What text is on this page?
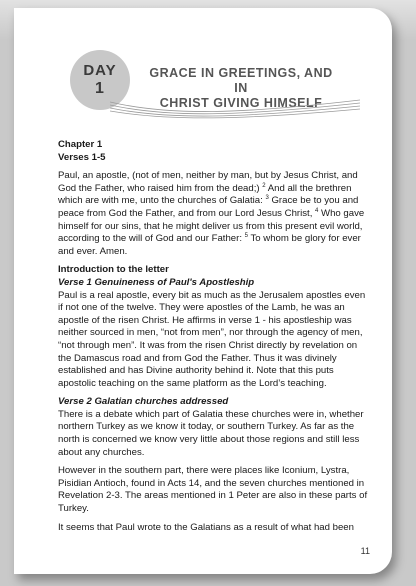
DAY
1
GRACE IN GREETINGS, AND IN
CHRIST GIVING HIMSELF

Chapter 1

Verses 1-5

Paul, an apostle, (not of men, neither by man, but by Jesus Christ, and God the Father, who raised him from the dead;) $^2$ And all the brethren which are with me, unto the churches of Galatia: $^3$ Grace be to you and peace from God the Father, and from our Lord Jesus Christ, $^4$ Who gave himself for our sins, that he might deliver us from this present evil world, according to the will of God and our Father: $^5$ To whom be glory for ever and ever. Amen.

Introduction to the letter

Verse 1 Genuineness of Paul's Apostleship

Paul is a real apostle, every bit as much as the Jerusalem apostles even if not one of the twelve. They were apostles of the Lamb, he was an apostle of the risen Christ. He affirms in verse 1 - his apostleship was neither sourced in men, “not from men”, nor through the agency of men, “not through men”. It was from the risen Christ directly by revelation on the Damascus road and from God the Father. Thus it was divinely established and has Divine authority behind it. Note that this puts apostolic teaching on the same platform as the Lord’s teaching.

Verse 2 Galatian churches addressed

There is a debate which part of Galatia these churches were in, whether northern Turkey as we know it today, or southern Turkey. As far as the north is concerned we know very little about those regions and still less about any churches.

However in the southern part, there were places like Iconium, Lystra, Pisidian Antioch, found in Acts 14, and the seven churches mentioned in Revelation 2-3. The areas mentioned in 1 Peter are also in these parts of Turkey.

It seems that Paul wrote to the Galatians as a result of what had been

11
